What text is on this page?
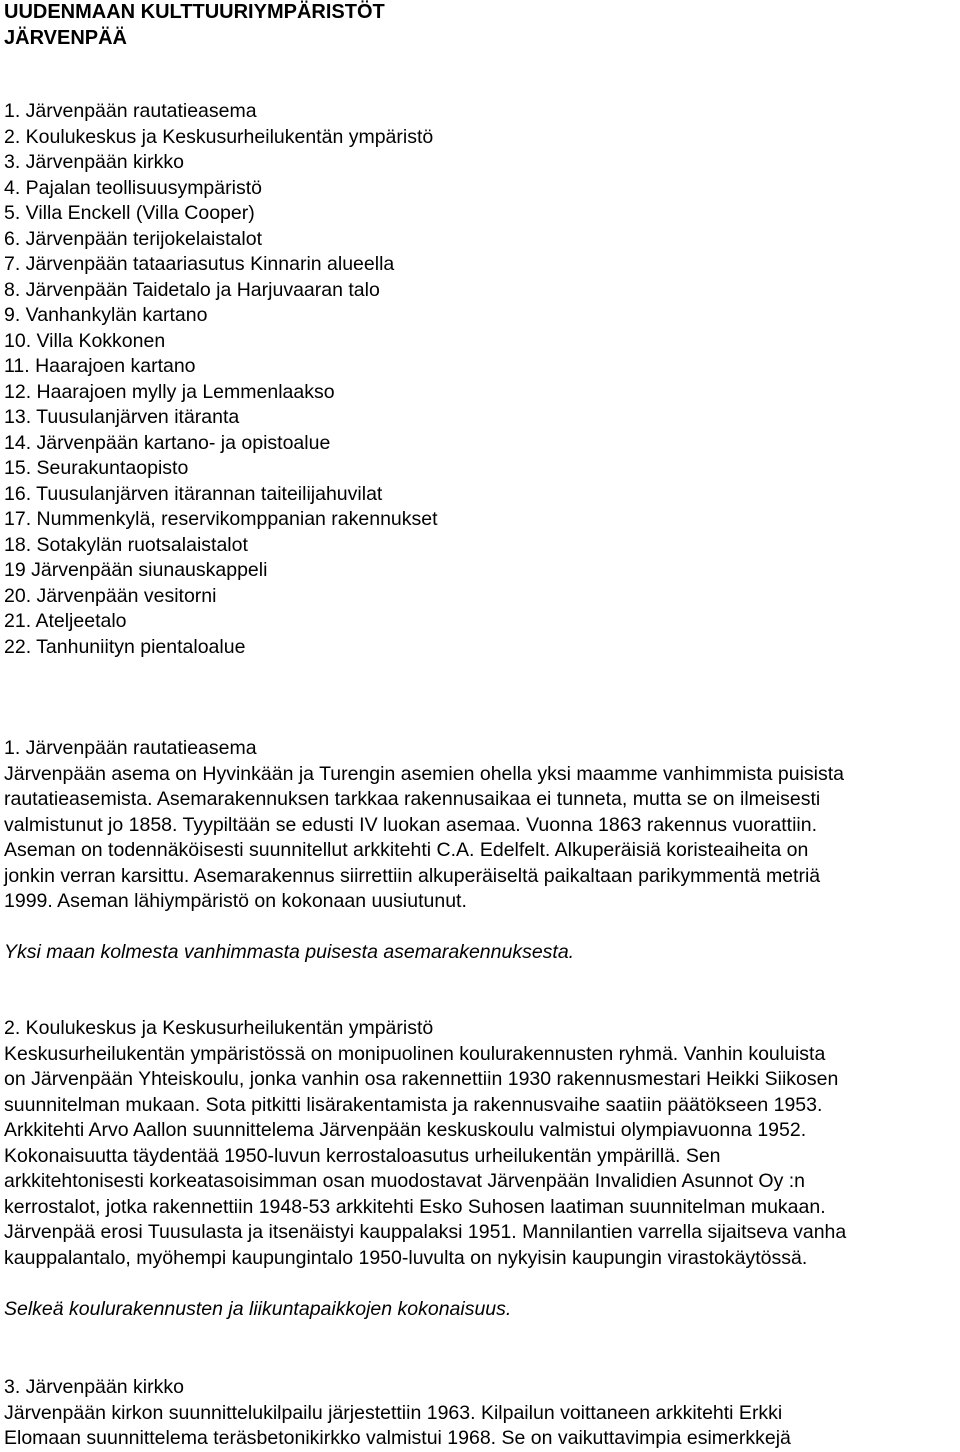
UUDENMAAN KULTTUURIYMPÄRISTÖT
JÄRVENPÄÄ
1. Järvenpään rautatieasema
2. Koulukeskus ja Keskusurheilukentän ympäristö
3. Järvenpään kirkko
4. Pajalan teollisuusympäristö
5. Villa Enckell (Villa Cooper)
6. Järvenpään terijokelaistalot
7. Järvenpään tataariasutus Kinnarin alueella
8. Järvenpään Taidetalo ja Harjuvaaran talo
9. Vanhankylän kartano
10. Villa Kokkonen
11. Haarajoen kartano
12. Haarajoen mylly ja Lemmenlaakso
13. Tuusulanjärven itäranta
14. Järvenpään kartano- ja opistoalue
15. Seurakuntaopisto
16. Tuusulanjärven itärannan taiteilijahuvilat
17. Nummenkylä, reservikomppanian rakennukset
18. Sotakylän ruotsalaistalot
19 Järvenpään siunauskappeli
20. Järvenpään vesitorni
21. Ateljeetalo
22. Tanhuniityn pientaloalue
1. Järvenpään rautatieasema

Järvenpään asema on Hyvinkään ja Turengin asemien ohella yksi maamme vanhimmista puisista
rautatieasemista. Asemarakennuksen tarkkaa rakennusaikaa ei tunneta, mutta se on ilmeisesti
valmistunut jo 1858. Tyypiltään se edusti IV luokan asemaa. Vuonna 1863 rakennus vuorattiin.
Aseman on todennäköisesti suunnitellut arkkitehti C.A. Edelfelt. Alkuperäisiä koristeaiheita on
jonkin verran karsittu. Asemarakennus siirrettiin alkuperäiseltä paikaltaan parikymmentä metriä
1999. Aseman lähiympäristö on kokonaan uusiutunut.

Yksi maan kolmesta vanhimmasta puisesta asemarakennuksesta.

2. Koulukeskus ja Keskusurheilukentän ympäristö

Keskusurheilukentän ympäristössä on monipuolinen koulurakennusten ryhmä. Vanhin kouluista
on Järvenpään Yhteiskoulu, jonka vanhin osa rakennettiin 1930 rakennusmestari Heikki Siikosen
suunnitelman mukaan. Sota pitkitti lisärakentamista ja rakennusvaihe saatiin päätökseen 1953.
Arkkitehti Arvo Aallon suunnittelema Järvenpään keskuskoulu valmistui olympiavuonna 1952.
Kokonaisuutta täydentää 1950-luvun kerrostaloasutus urheilukentän ympärillä. Sen
arkkitehtonisesti korkeatasoisimman osan muodostavat Järvenpään Invalidien Asunnot Oy :n
kerrostalot, jotka rakennettiin 1948-53 arkkitehti Esko Suhosen laatiman suunnitelman mukaan.
Järvenpää erosi Tuusulasta ja itsenäistyi kauppalaksi 1951. Mannilantien varrella sijaitseva vanha
kauppalantalo, myöhempi kaupungintalo 1950-luvulta on nykyisin kaupungin virastokäytössä.

Selkeä koulurakennusten ja liikuntapaikkojen kokonaisuus.

3. Järvenpään kirkko

Järvenpään kirkon suunnittelukilpailu järjestettiin 1963. Kilpailun voittaneen arkkitehti Erkki
Elomaan suunnittelema teräsbetonikirkko valmistui 1968. Se on vaikuttavimpia esimerkkejä
